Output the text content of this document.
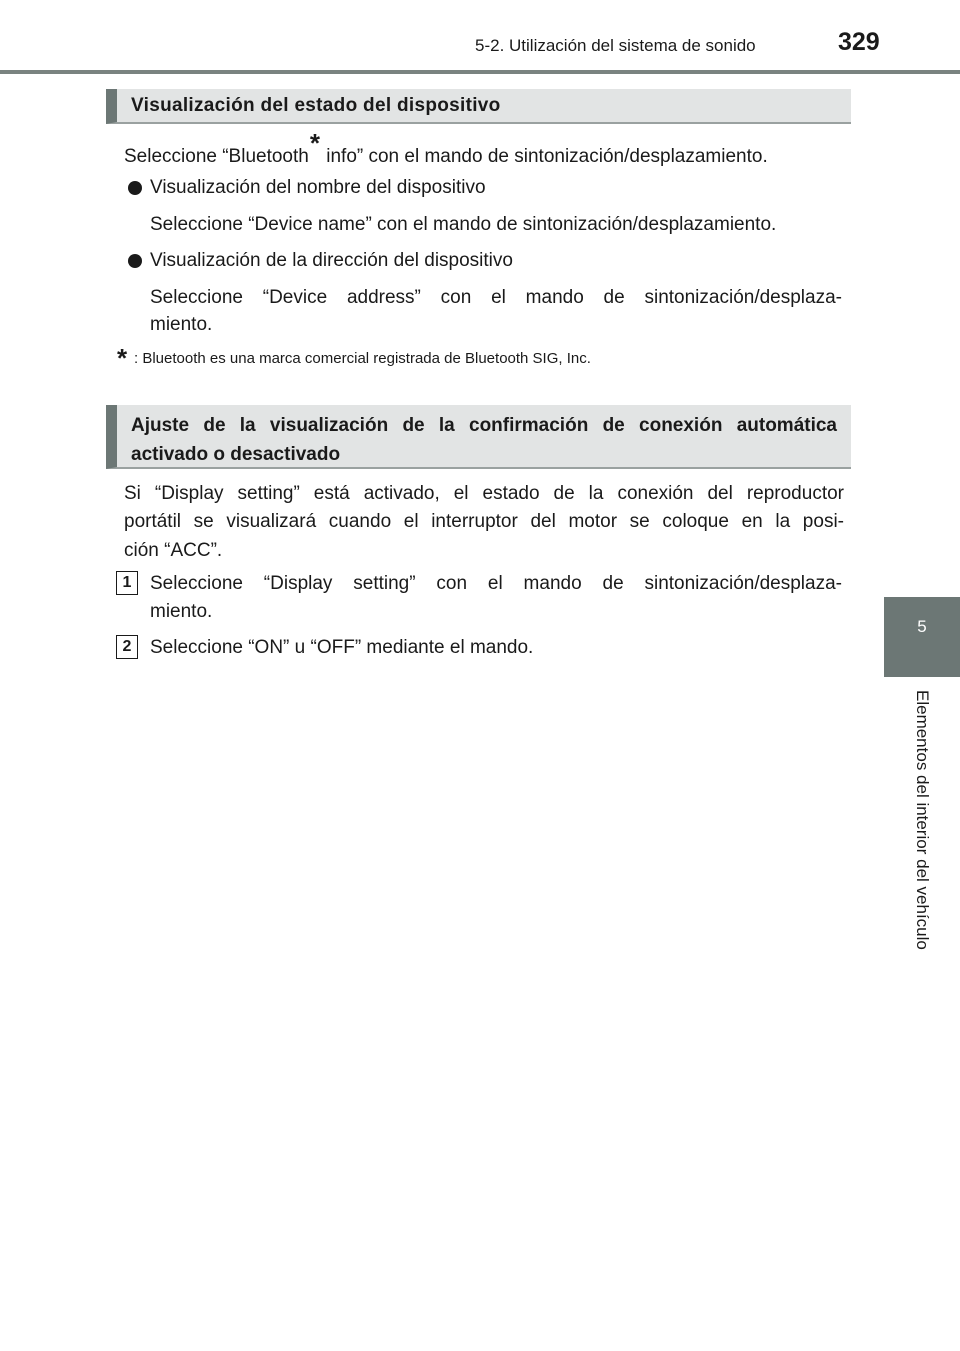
5-2. Utilización del sistema de sonido	329
5
Elementos del interior del vehículo
Visualización del estado del dispositivo
Seleccione “Bluetooth* info” con el mando de sintonización/desplazamiento.
Visualización del nombre del dispositivo
Seleccione “Device name” con el mando de sintonización/desplazamiento.
Visualización de la dirección del dispositivo
Seleccione “Device address” con el mando de sintonización/desplaza-
miento.
* : Bluetooth es una marca comercial registrada de Bluetooth SIG, Inc.
Ajuste de la visualización de la confirmación de conexión automática
activado o desactivado
Si “Display setting” está activado, el estado de la conexión del reproductor
portátil se visualizará cuando el interruptor del motor se coloque en la posi-
ción “ACC”.
1 Seleccione “Display setting” con el mando de sintonización/desplaza-
miento.
2 Seleccione “ON” u “OFF” mediante el mando.
